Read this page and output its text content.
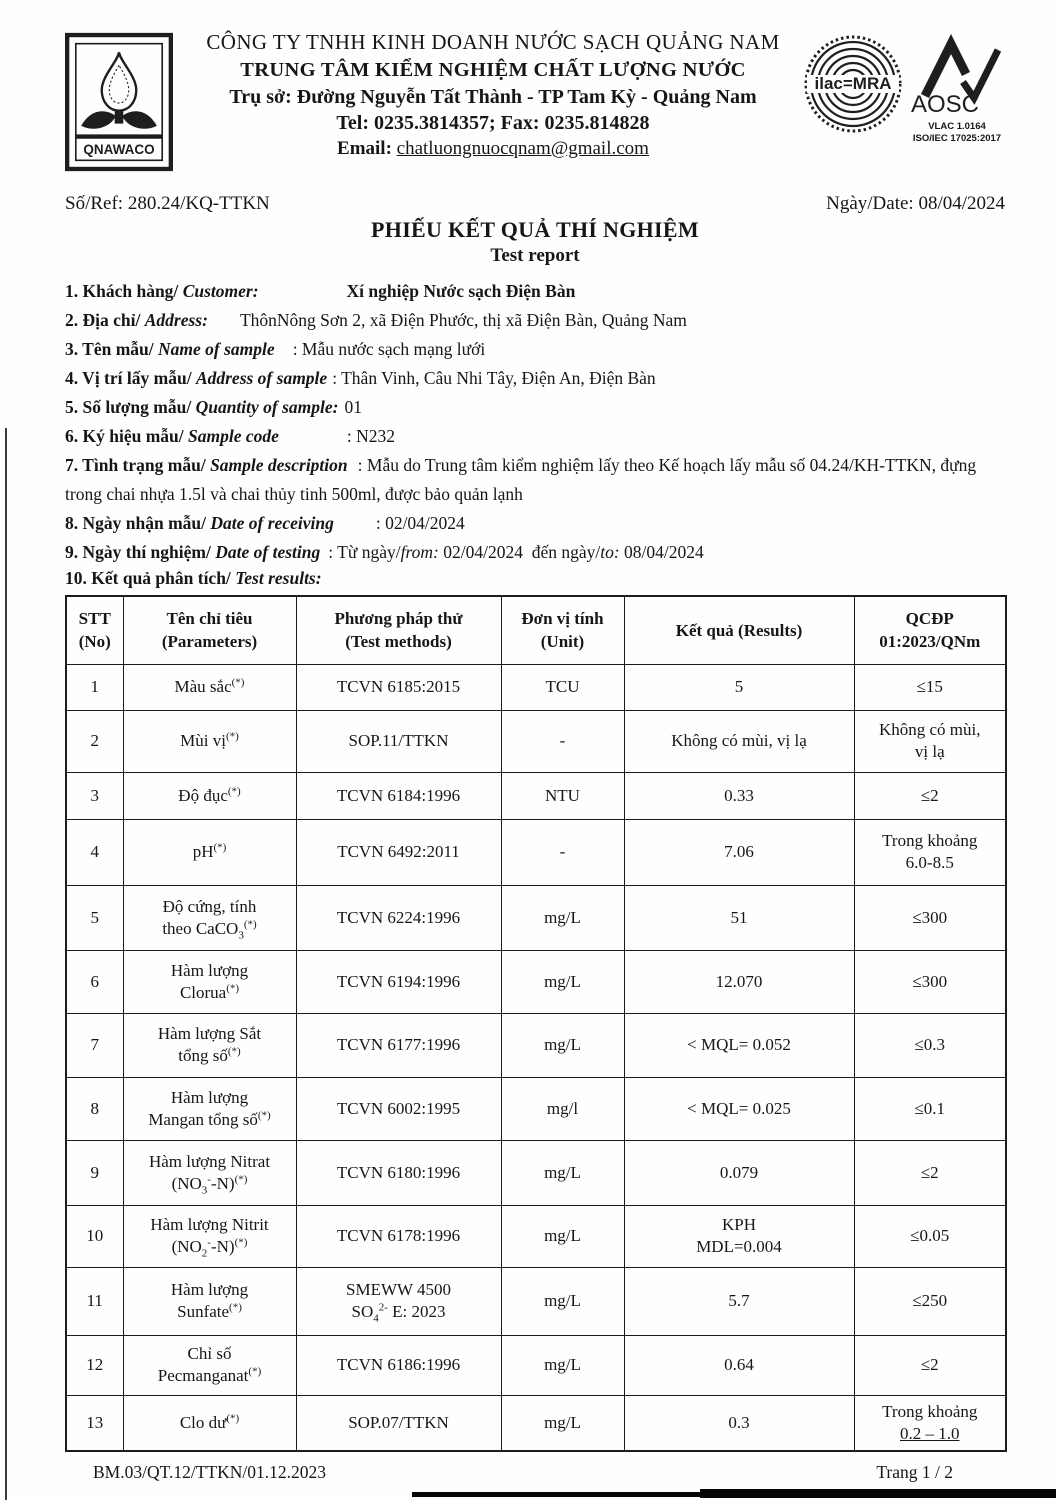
QNAWACO
CÔNG TY TNHH KINH DOANH NƯỚC SẠCH QUẢNG NAM
TRUNG TÂM KIỂM NGHIỆM CHẤT LƯỢNG NƯỚC
Trụ sở: Đường Nguyễn Tất Thành - TP Tam Kỳ - Quảng Nam
Tel: 0235.3814357; Fax: 0235.814828
Email: chatluongnuocqnam@gmail.com
ilac=MRA
AOSC
VLAC 1.0164
ISO/IEC 17025:2017
Số/Ref: 280.24/KQ-TTKN	Ngày/Date: 08/04/2024
PHIẾU KẾT QUẢ THÍ NGHIỆM
Test report

1. Khách hàng/ Customer:	Xí nghiệp Nước sạch Điện Bàn

2. Địa chỉ/ Address: ThônNông Sơn 2, xã Điện Phước, thị xã Điện Bàn, Quảng Nam

3. Tên mẫu/ Name of sample : Mẫu nước sạch mạng lưới

4. Vị trí lấy mẫu/ Address of sample : Thân Vinh, Câu Nhi Tây, Điện An, Điện Bàn

5. Số lượng mẫu/ Quantity of sample: 01

6. Ký hiệu mẫu/ Sample code	: N232

7. Tình trạng mẫu/ Sample description : Mẫu do Trung tâm kiểm nghiệm lấy theo Kế hoạch lấy mẫu số 04.24/KH-TTKN, đựng trong chai nhựa 1.5l và chai thủy tinh 500ml, được bảo quản lạnh

8. Ngày nhận mẫu/ Date of receiving : 02/04/2024

9. Ngày thí nghiệm/ Date of testing : Từ ngày/from: 02/04/2024  đến ngày/to: 08/04/2024

10. Kết quả phân tích/ Test results:

STT
(No)	Tên chỉ tiêu
(Parameters)	Phương pháp thử
(Test methods)	Đơn vị tính
(Unit)	Kết quả (Results)	QCĐP
01:2023/QNm
1	Màu sắc(*)	TCVN 6185:2015	TCU	5	≤15
2	Mùi vị(*)	SOP.11/TTKN	-	Không có mùi, vị lạ	Không có mùi,
vị lạ
3	Độ đục(*)	TCVN 6184:1996	NTU	0.33	≤2
4	pH(*)	TCVN 6492:2011	-	7.06	Trong khoảng
6.0-8.5
5	Độ cứng, tính
theo CaCO$_3$(*)	TCVN 6224:1996	mg/L	51	≤300
6	Hàm lượng
Clorua(*)	TCVN 6194:1996	mg/L	12.070	≤300
7	Hàm lượng Sắt
tổng số(*)	TCVN 6177:1996	mg/L	< MQL= 0.052	≤0.3
8	Hàm lượng
Mangan tổng số(*)	TCVN 6002:1995	mg/l	< MQL= 0.025	≤0.1
9	Hàm lượng Nitrat
$(NO_3^--N)^{(*)}$	TCVN 6180:1996	mg/L	0.079	≤2
10	Hàm lượng Nitrit
$(NO_2^--N)^{(*)}$	TCVN 6178:1996	mg/L	KPH
MDL=0.004	≤0.05
11	Hàm lượng
Sunfate(*)	SMEWW 4500
$SO_4^{2-}$ E: 2023	mg/L	5.7	≤250
12	Chỉ số
Pecmanganat(*)	TCVN 6186:1996	mg/L	0.64	≤2
13	Clo dư(*)	SOP.07/TTKN	mg/L	0.3	Trong khoảng
0.2 – 1.0
BM.03/QT.12/TTKN/01.12.2023	Trang 1 / 2
